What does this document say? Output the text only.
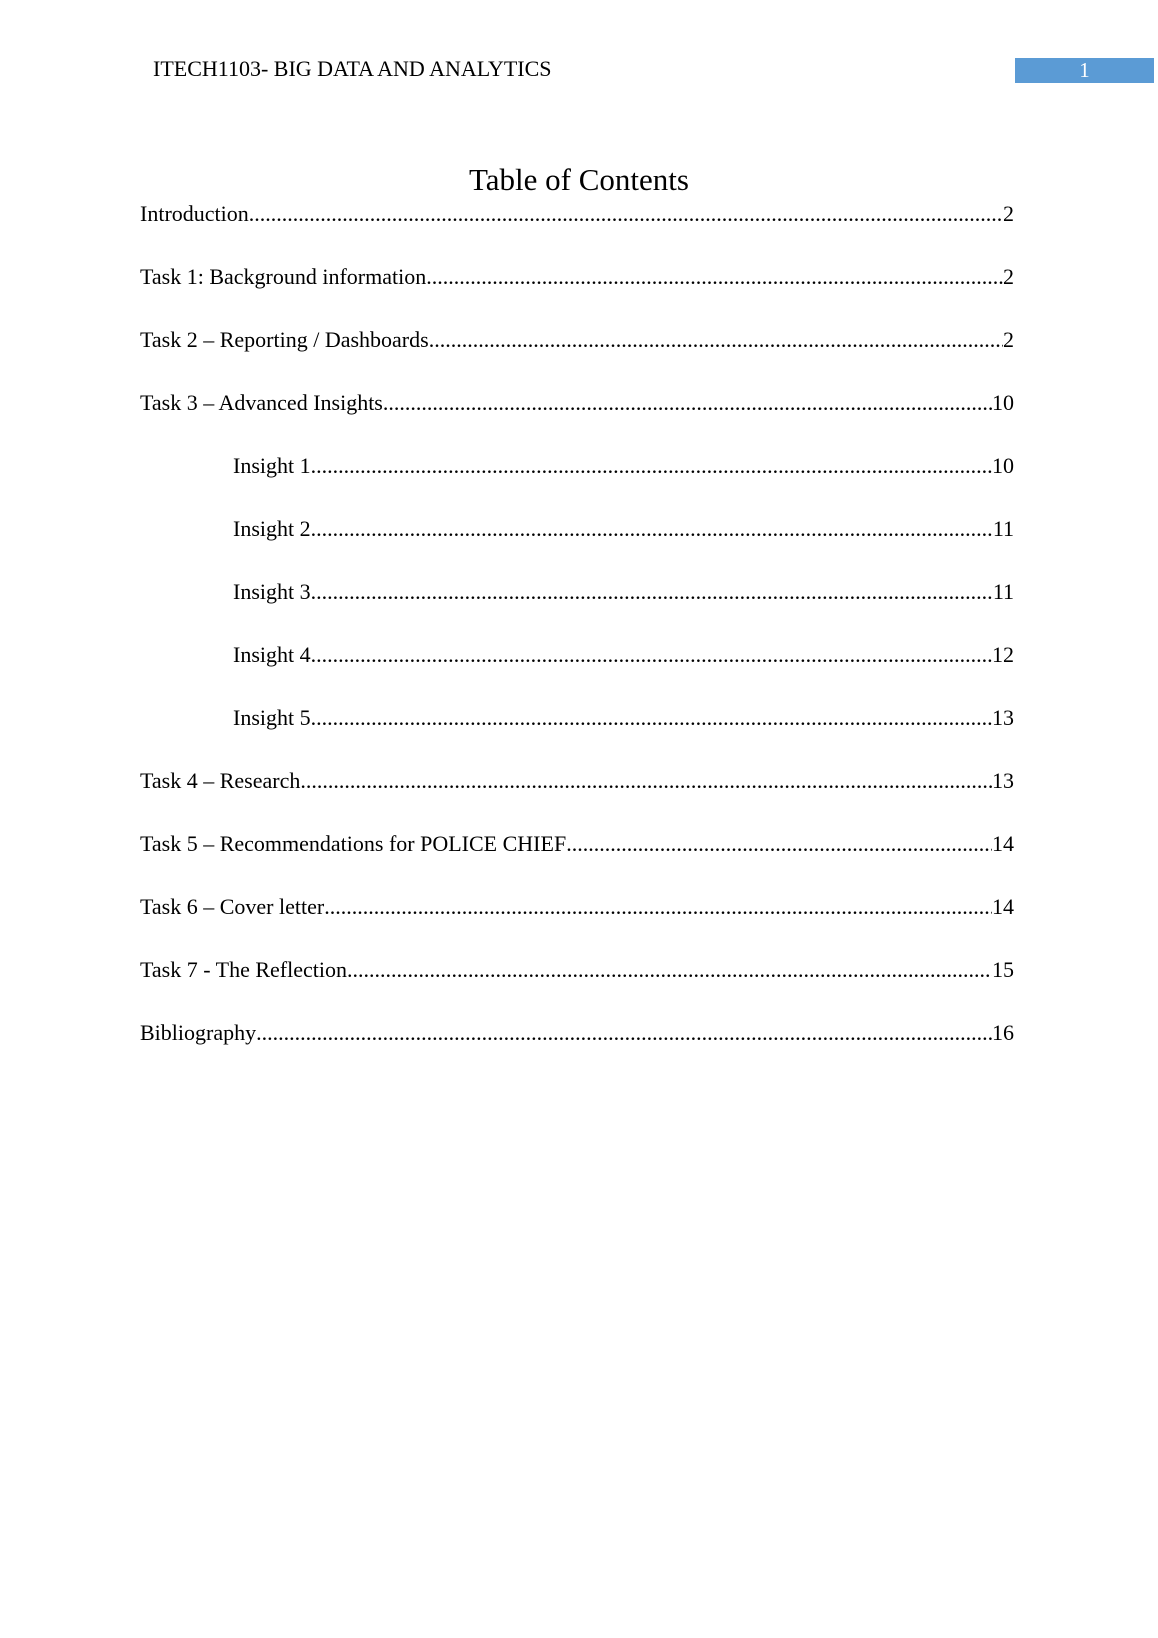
ITECH1103- BIG DATA AND ANALYTICS	1
Table of Contents
Introduction .....	2
Task 1: Background information .....	2
Task 2 – Reporting / Dashboards .....	2
Task 3 – Advanced Insights .....	10
Insight 1 .....	10
Insight 2 .....	11
Insight 3 .....	11
Insight 4 .....	12
Insight 5 .....	13
Task 4 – Research .....	13
Task 5 – Recommendations for POLICE CHIEF .....	14
Task 6 – Cover letter .....	14
Task 7 - The Reflection .....	15
Bibliography .....	16
